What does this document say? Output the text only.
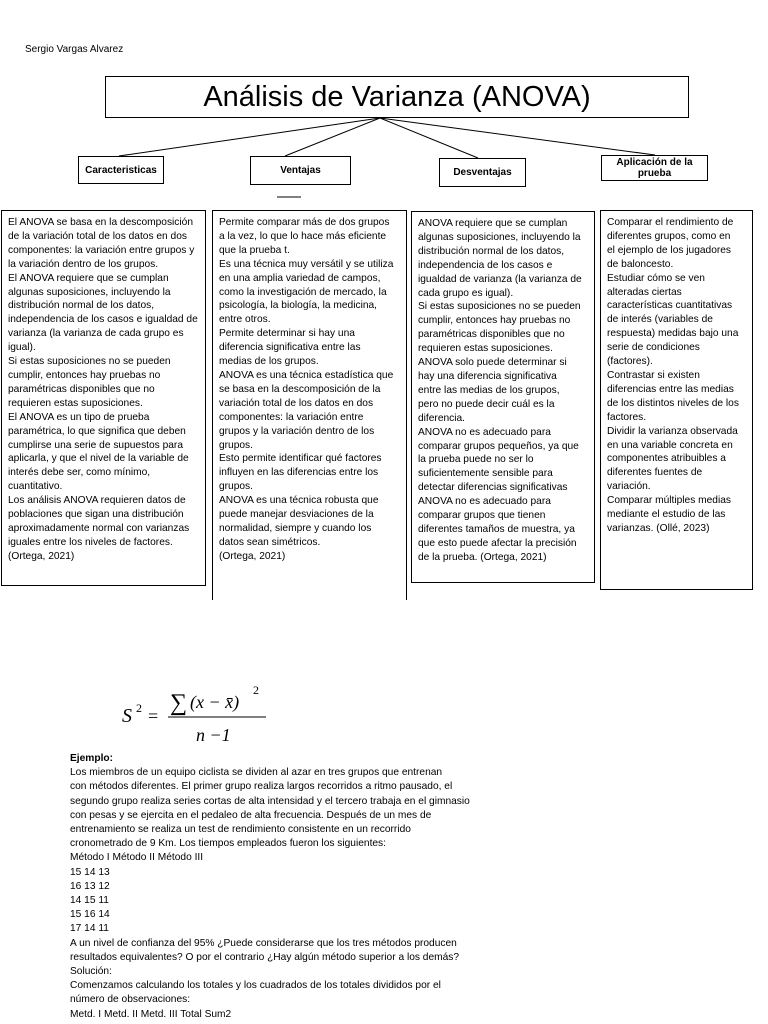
Sergio Vargas Alvarez
Análisis de Varianza (ANOVA)
Caracteristicas	Ventajas	Desventajas
Aplicación de la prueba

El ANOVA se basa en la descomposición
de la variación total de los datos en dos
componentes: la variación entre grupos y
la variación dentro de los grupos.
El ANOVA requiere que se cumplan
algunas suposiciones, incluyendo la
distribución normal de los datos,
independencia de los casos e igualdad de
varianza (la varianza de cada grupo es
igual).
Si estas suposiciones no se pueden
cumplir, entonces hay pruebas no
paramétricas disponibles que no
requieren estas suposiciones.
El ANOVA es un tipo de prueba
paramétrica, lo que significa que deben
cumplirse una serie de supuestos para
aplicarla, y que el nivel de la variable de
interés debe ser, como mínimo,
cuantitativo.
Los análisis ANOVA requieren datos de
poblaciones que sigan una distribución
aproximadamente normal con varianzas
iguales entre los niveles de factores.
(Ortega, 2021)

Permite comparar más de dos grupos
a la vez, lo que lo hace más eficiente
que la prueba t.
Es una técnica muy versátil y se utiliza
en una amplia variedad de campos,
como la investigación de mercado, la
psicología, la biología, la medicina,
entre otros.
Permite determinar si hay una
diferencia significativa entre las
medias de los grupos.
ANOVA es una técnica estadística que
se basa en la descomposición de la
variación total de los datos en dos
componentes: la variación entre
grupos y la variación dentro de los
grupos.
Esto permite identificar qué factores
influyen en las diferencias entre los
grupos.
ANOVA es una técnica robusta que
puede manejar desviaciones de la
normalidad, siempre y cuando los
datos sean simétricos.
(Ortega, 2021)

ANOVA requiere que se cumplan
algunas suposiciones, incluyendo la
distribución normal de los datos,
independencia de los casos e
igualdad de varianza (la varianza de
cada grupo es igual).
Si estas suposiciones no se pueden
cumplir, entonces hay pruebas no
paramétricas disponibles que no
requieren estas suposiciones.
ANOVA solo puede determinar si
hay una diferencia significativa
entre las medias de los grupos,
pero no puede decir cuál es la
diferencia.
ANOVA no es adecuado para
comparar grupos pequeños, ya que
la prueba puede no ser lo
suficientemente sensible para
detectar diferencias significativas
ANOVA no es adecuado para
comparar grupos que tienen
diferentes tamaños de muestra, ya
que esto puede afectar la precisión
de la prueba. (Ortega, 2021)

Comparar el rendimiento de
diferentes grupos, como en
el ejemplo de los jugadores
de baloncesto.
Estudiar cómo se ven
alteradas ciertas
características cuantitativas
de interés (variables de
respuesta) medidas bajo una
serie de condiciones
(factores).
Contrastar si existen
diferencias entre las medias
de los distintos niveles de los
factores.
Dividir la varianza observada
en una variable concreta en
componentes atribuibles a
diferentes fuentes de
variación.
Comparar múltiples medias
mediante el estudio de las
varianzas. (Ollé, 2023)

S 2 = ∑ (x − x̄)
2
n −1
Ejemplo:
Los miembros de un equipo ciclista se dividen al azar en tres grupos que entrenan
con métodos diferentes. El primer grupo realiza largos recorridos a ritmo pausado, el
segundo grupo realiza series cortas de alta intensidad y el tercero trabaja en el gimnasio
con pesas y se ejercita en el pedaleo de alta frecuencia. Después de un mes de
entrenamiento se realiza un test de rendimiento consistente en un recorrido
cronometrado de 9 Km. Los tiempos empleados fueron los siguientes:
Método I Método II Método III
15 14 13
16 13 12
14 15 11
15 16 14
17 14 11
A un nivel de confianza del 95% ¿Puede considerarse que los tres métodos producen
resultados equivalentes? O por el contrario ¿Hay algún método superior a los demás?
Solución:
Comenzamos calculando los totales y los cuadrados de los totales divididos por el
número de observaciones:
Metd. I Metd. II Metd. III Total Sum2
